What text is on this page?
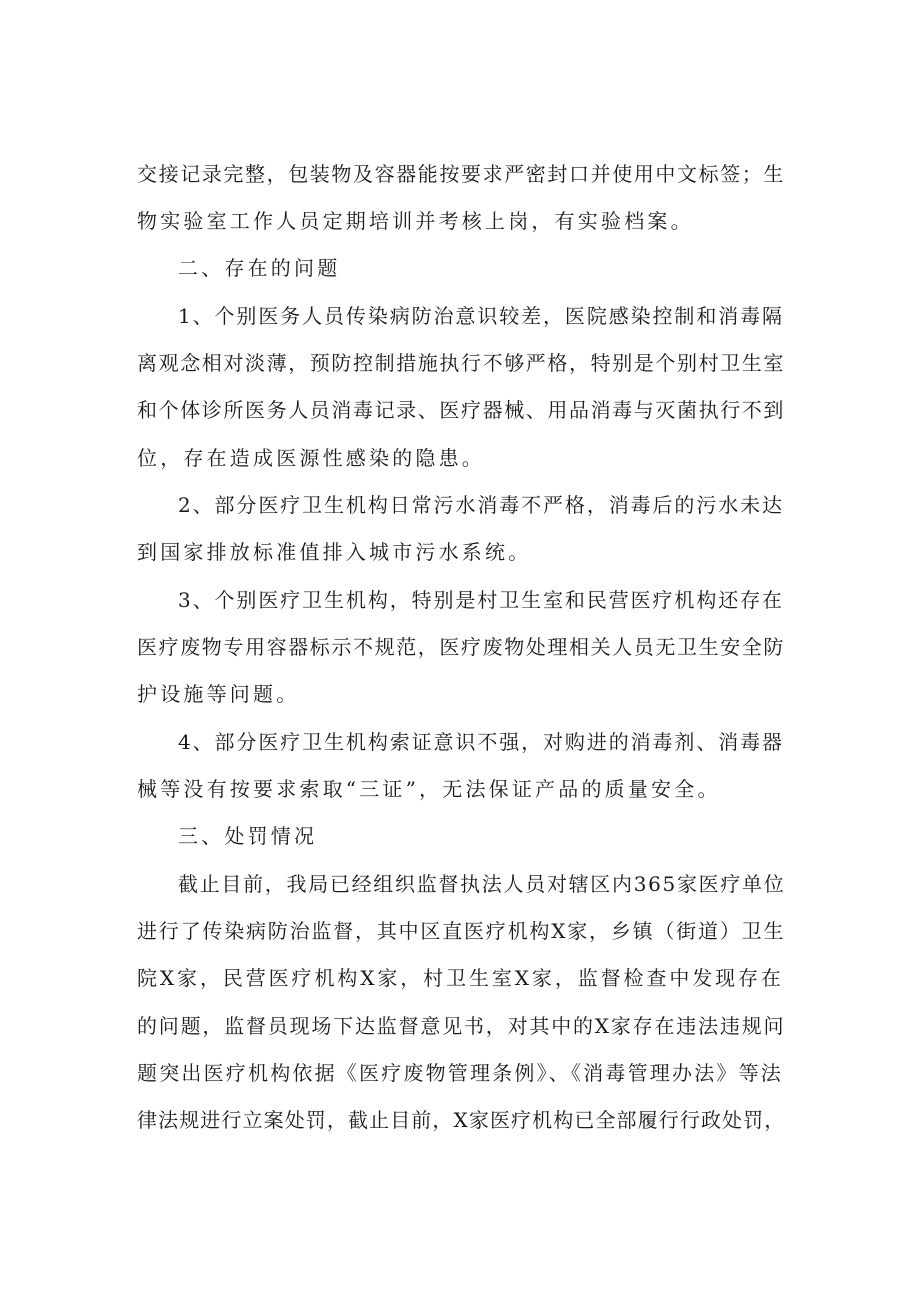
交接记录完整，包装物及容器能按要求严密封口并使用中文标签；生
物实验室工作人员定期培训并考核上岗，有实验档案。
二、存在的问题
1、个别医务人员传染病防治意识较差，医院感染控制和消毒隔
离观念相对淡薄，预防控制措施执行不够严格，特别是个别村卫生室
和个体诊所医务人员消毒记录、医疗器械、用品消毒与灭菌执行不到
位，存在造成医源性感染的隐患。
2、部分医疗卫生机构日常污水消毒不严格，消毒后的污水未达
到国家排放标准值排入城市污水系统。
3、个别医疗卫生机构，特别是村卫生室和民营医疗机构还存在
医疗废物专用容器标示不规范，医疗废物处理相关人员无卫生安全防
护设施等问题。
4、部分医疗卫生机构索证意识不强，对购进的消毒剂、消毒器
械等没有按要求索取“三证”，无法保证产品的质量安全。
三、处罚情况
截止目前，我局已经组织监督执法人员对辖区内365家医疗单位
进行了传染病防治监督，其中区直医疗机构X家，乡镇（街道）卫生
院X家，民营医疗机构X家，村卫生室X家，监督检查中发现存在
的问题，监督员现场下达监督意见书，对其中的X家存在违法违规问
题突出医疗机构依据《医疗废物管理条例》、《消毒管理办法》等法
律法规进行立案处罚，截止目前，X家医疗机构已全部履行行政处罚，
